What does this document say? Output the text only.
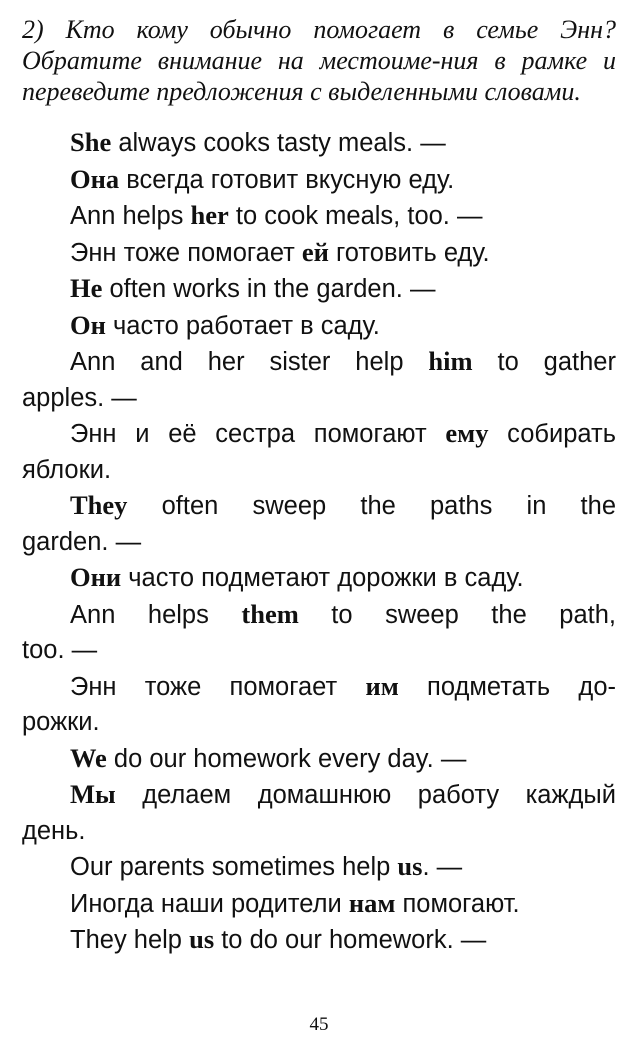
2) Кто кому обычно помогает в семье Энн? Обратите внимание на местоиме-ния в рамке и переведите предложения с выделенными словами.

She always cooks tasty meals. —
Она всегда готовит вкусную еду.
Ann helps her to cook meals, too. —
Энн тоже помогает ей готовить еду.
He often works in the garden. —
Он часто работает в саду.
Ann and her sister help him to gather
apples. —
Энн и её сестра помогают ему собирать
яблоки.
They often sweep the paths in the
garden. —
Они часто подметают дорожки в саду.
Ann helps them to sweep the path,
too. —
Энн тоже помогает им подметать до-
рожки.
We do our homework every day. —
Мы делаем домашнюю работу каждый
день.
Our parents sometimes help us. —
Иногда наши родители нам помогают.
They help us to do our homework. —
45
